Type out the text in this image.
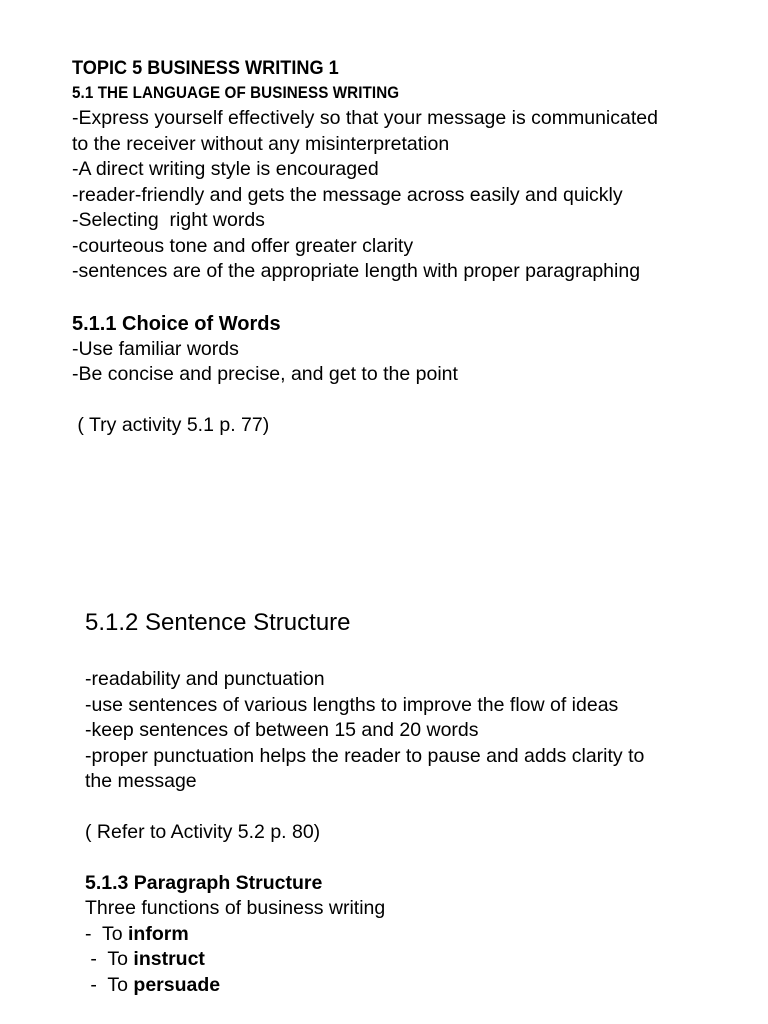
TOPIC 5 BUSINESS WRITING 1
5.1 THE LANGUAGE OF BUSINESS WRITING
-Express yourself effectively so that your message is communicated
to the receiver without any misinterpretation
-A direct writing style is encouraged
-reader-friendly and gets the message across easily and quickly
-Selecting  right words
-courteous tone and offer greater clarity
-sentences are of the appropriate length with proper paragraphing
5.1.1 Choice of Words
-Use familiar words
-Be concise and precise, and get to the point
( Try activity 5.1 p. 77)
5.1.2 Sentence Structure
-readability and punctuation
-use sentences of various lengths to improve the flow of ideas
-keep sentences of between 15 and 20 words
-proper punctuation helps the reader to pause and adds clarity to
the message
( Refer to Activity 5.2 p. 80)
5.1.3 Paragraph Structure
Three functions of business writing
-  To inform
-  To instruct
-  To persuade
